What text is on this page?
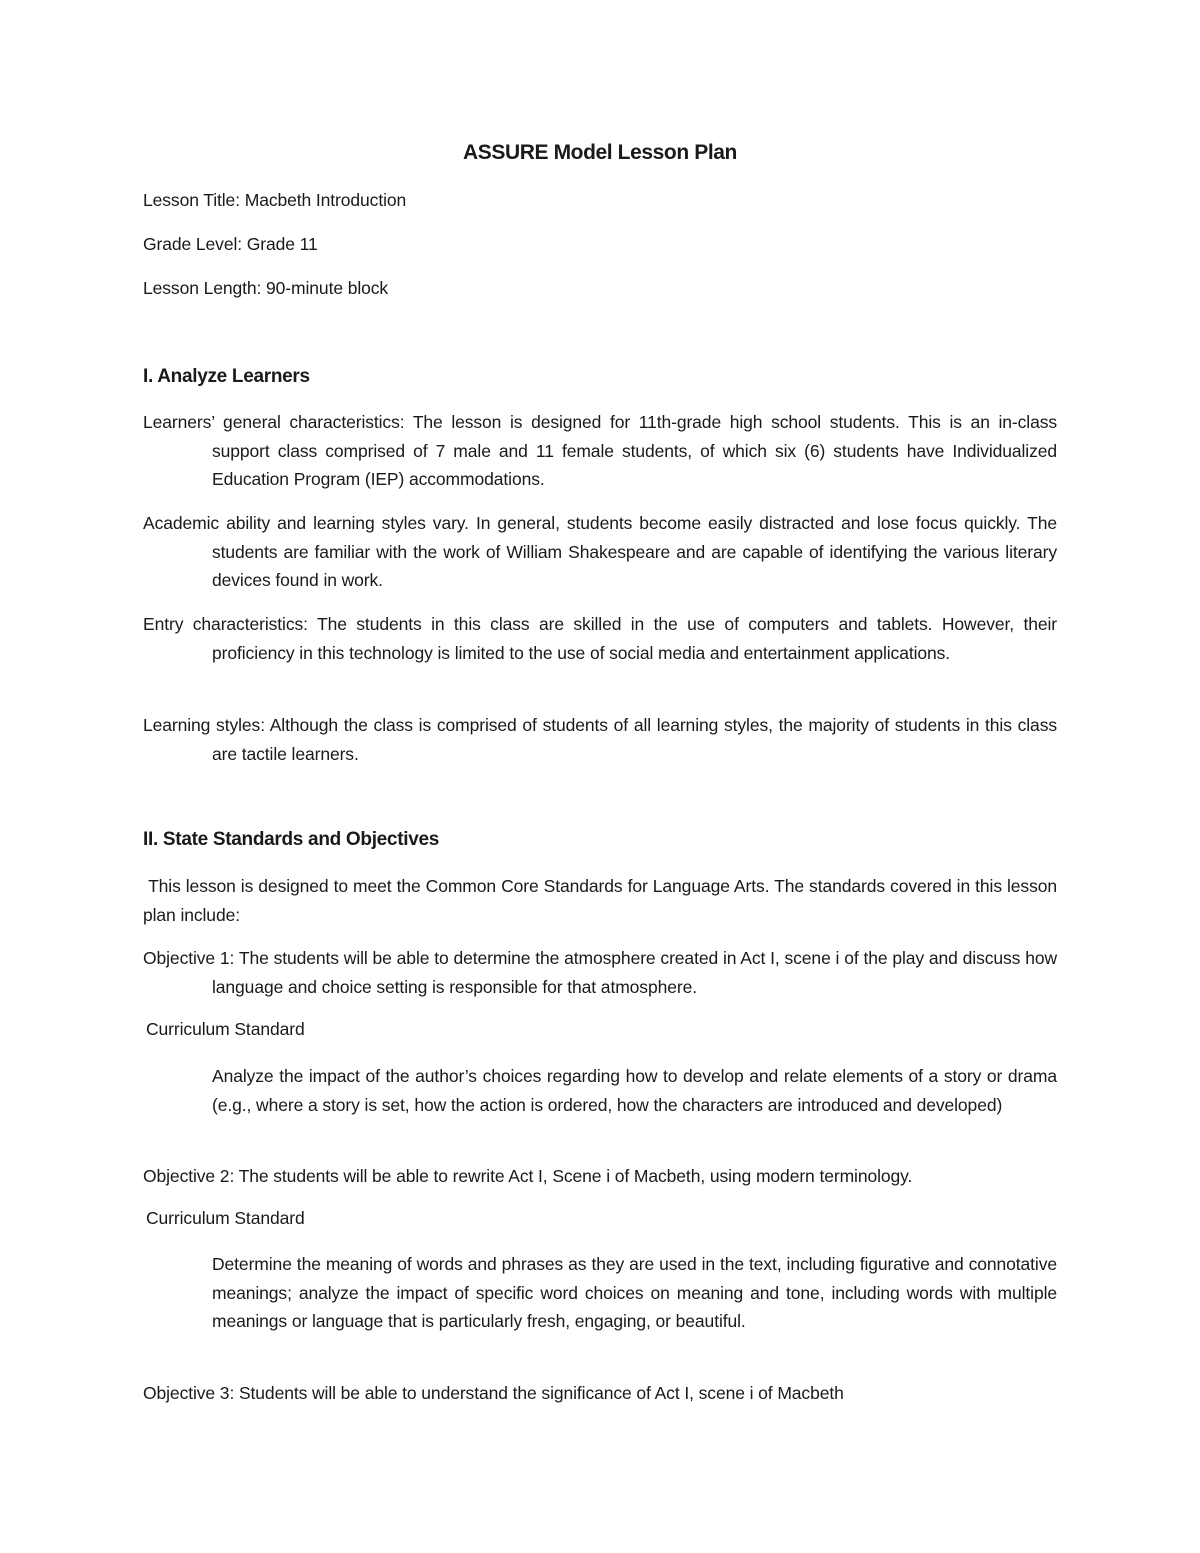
ASSURE Model Lesson Plan
Lesson Title: Macbeth Introduction
Grade Level: Grade 11
Lesson Length: 90-minute block
I. Analyze Learners
Learners’ general characteristics: The lesson is designed for 11th-grade high school students. This is an in-class support class comprised of 7 male and 11 female students, of which six (6) students have Individualized Education Program (IEP) accommodations.
Academic ability and learning styles vary. In general, students become easily distracted and lose focus quickly. The students are familiar with the work of William Shakespeare and are capable of identifying the various literary devices found in work.
Entry characteristics: The students in this class are skilled in the use of computers and tablets. However, their proficiency in this technology is limited to the use of social media and entertainment applications.
Learning styles: Although the class is comprised of students of all learning styles, the majority of students in this class are tactile learners.
II. State Standards and Objectives
This lesson is designed to meet the Common Core Standards for Language Arts. The standards covered in this lesson plan include:
Objective 1: The students will be able to determine the atmosphere created in Act I, scene i of the play and discuss how language and choice setting is responsible for that atmosphere.
Curriculum Standard
Analyze the impact of the author’s choices regarding how to develop and relate elements of a story or drama (e.g., where a story is set, how the action is ordered, how the characters are introduced and developed)
Objective 2: The students will be able to rewrite Act I, Scene i of Macbeth, using modern terminology.
Curriculum Standard
Determine the meaning of words and phrases as they are used in the text, including figurative and connotative meanings; analyze the impact of specific word choices on meaning and tone, including words with multiple meanings or language that is particularly fresh, engaging, or beautiful.
Objective 3: Students will be able to understand the significance of Act I, scene i of Macbeth
